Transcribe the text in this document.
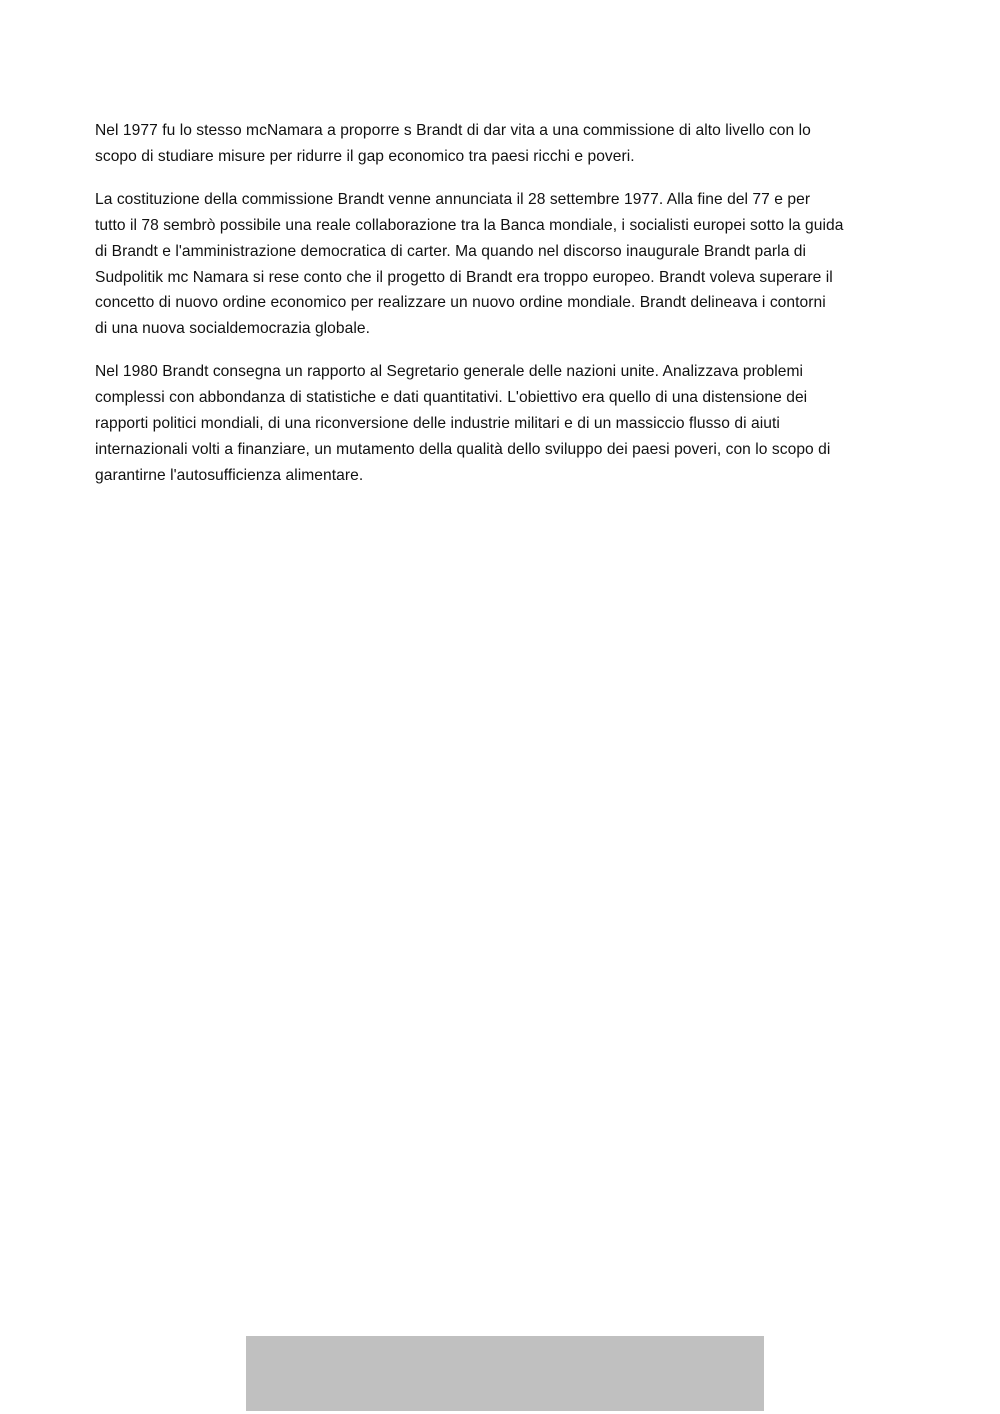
Nel 1977 fu lo stesso mcNamara a proporre s Brandt di dar vita a una commissione di alto livello con lo
scopo di studiare misure per ridurre il gap economico tra paesi ricchi e poveri.

La costituzione della commissione Brandt venne annunciata il 28 settembre 1977. Alla fine del 77 e per
tutto il 78 sembrò possibile una reale collaborazione tra la Banca mondiale, i socialisti europei sotto la guida
di Brandt e l'amministrazione democratica di carter. Ma quando nel discorso inaugurale Brandt parla di
Sudpolitik mc Namara si rese conto che il progetto di Brandt era troppo europeo. Brandt voleva superare il
concetto di nuovo ordine economico per realizzare un nuovo ordine mondiale. Brandt delineava i contorni
di una nuova socialdemocrazia globale.

Nel 1980 Brandt consegna un rapporto al Segretario generale delle nazioni unite. Analizzava problemi
complessi con abbondanza di statistiche e dati quantitativi. L'obiettivo era quello di una distensione dei
rapporti politici mondiali, di una riconversione delle industrie militari e di un massiccio flusso di aiuti
internazionali volti a finanziare, un mutamento della qualità dello sviluppo dei paesi poveri, con lo scopo di
garantirne l'autosufficienza alimentare.
